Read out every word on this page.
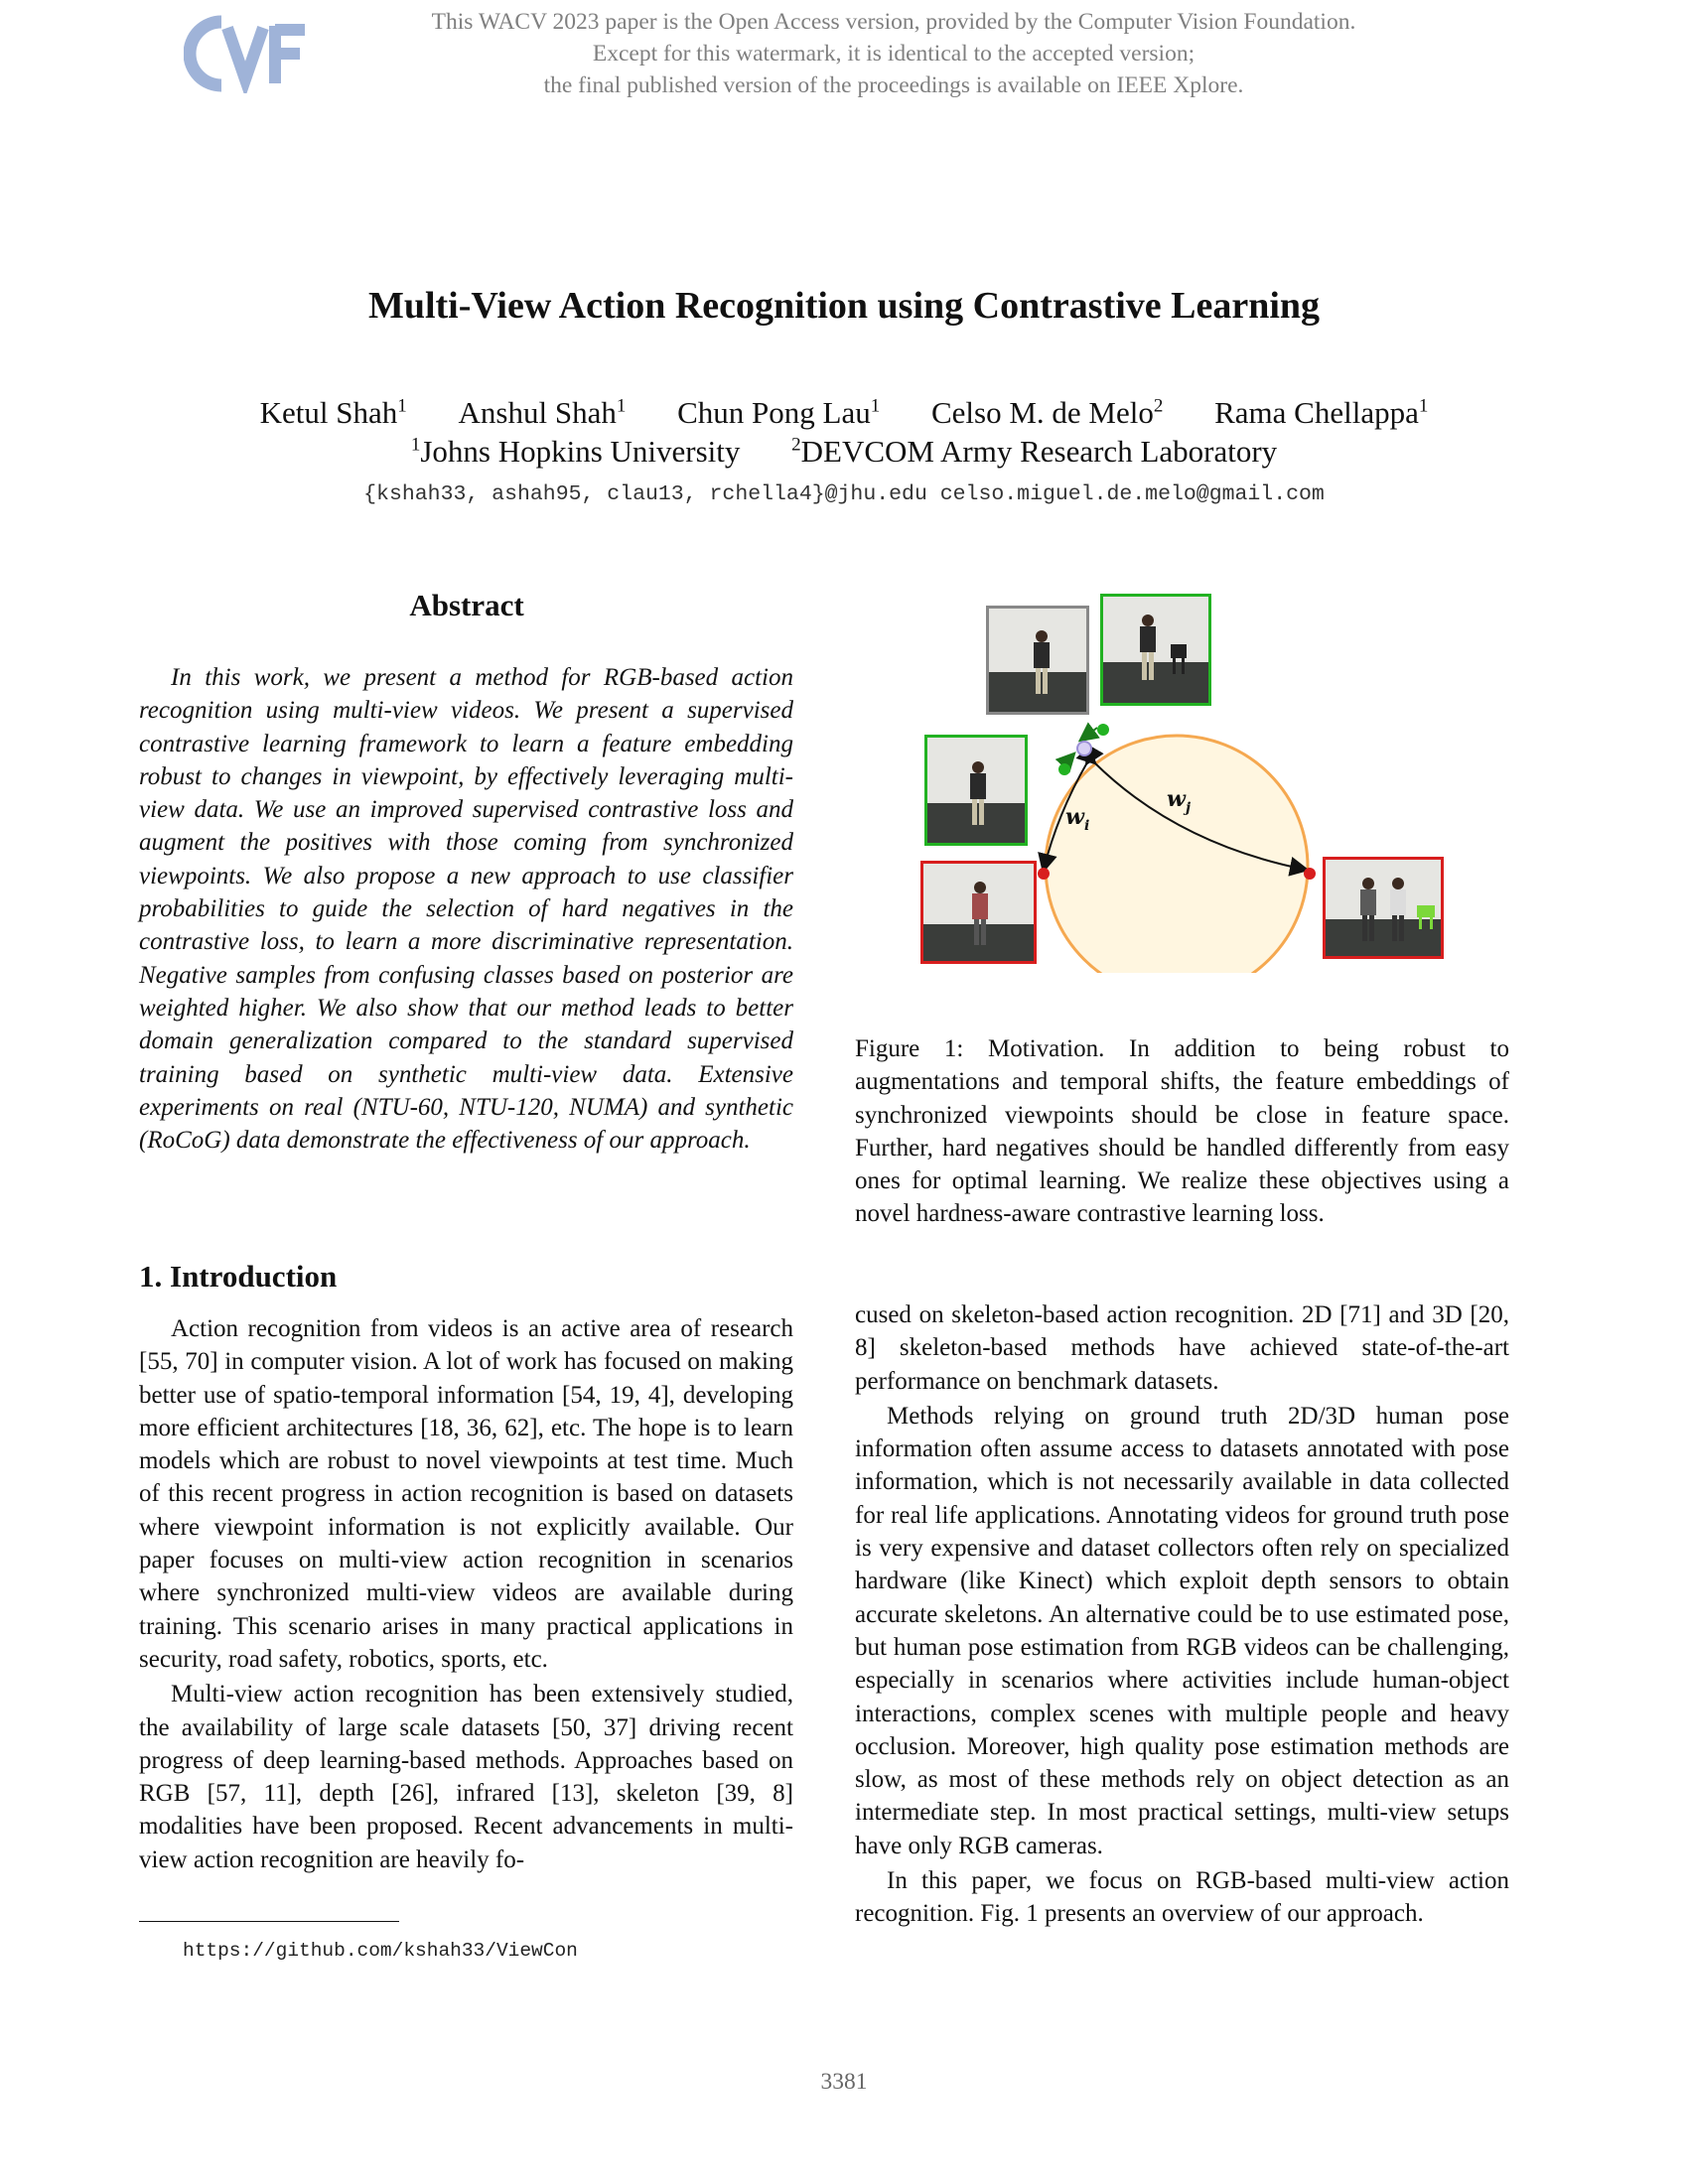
This WACV 2023 paper is the Open Access version, provided by the Computer Vision Foundation.
Except for this watermark, it is identical to the accepted version;
the final published version of the proceedings is available on IEEE Xplore.
Multi-View Action Recognition using Contrastive Learning
Ketul Shah$^1$ Anshul Shah$^1$ Chun Pong Lau$^1$ Celso M. de Melo$^2$ Rama Chellappa$^1$
$^1$Johns Hopkins University	$^2$DEVCOM Army Research Laboratory
{kshah33, ashah95, clau13, rchella4}@jhu.edu celso.miguel.de.melo@gmail.com
Abstract

In this work, we present a method for RGB-based action recognition using multi-view videos. We present a supervised contrastive learning framework to learn a feature embedding robust to changes in viewpoint, by effectively leveraging multi-view data. We use an improved supervised contrastive loss and augment the positives with those coming from synchronized viewpoints. We also propose a new approach to use classifier probabilities to guide the selection of hard negatives in the contrastive loss, to learn a more discriminative representation. Negative samples from confusing classes based on posterior are weighted higher. We also show that our method leads to better domain generalization compared to the standard supervised training based on synthetic multi-view data. Extensive experiments on real (NTU-60, NTU-120, NUMA) and synthetic (RoCoG) data demonstrate the effectiveness of our approach.

1. Introduction

Action recognition from videos is an active area of research [55, 70] in computer vision. A lot of work has focused on making better use of spatio-temporal information [54, 19, 4], developing more efficient architectures [18, 36, 62], etc. The hope is to learn models which are robust to novel viewpoints at test time. Much of this recent progress in action recognition is based on datasets where viewpoint information is not explicitly available. Our paper focuses on multi-view action recognition in scenarios where synchronized multi-view videos are available during training. This scenario arises in many practical applications in security, road safety, robotics, sports, etc.

Multi-view action recognition has been extensively studied, the availability of large scale datasets [50, 37] driving recent progress of deep learning-based methods. Approaches based on RGB [57, 11], depth [26], infrared [13], skeleton [39, 8] modalities have been proposed. Recent advancements in multi-view action recognition are heavily fo-

https://github.com/kshah33/ViewCon
$w_i$
$w_j$

Figure 1: Motivation. In addition to being robust to augmentations and temporal shifts, the feature embeddings of synchronized viewpoints should be close in feature space. Further, hard negatives should be handled differently from easy ones for optimal learning. We realize these objectives using a novel hardness-aware contrastive learning loss.

cused on skeleton-based action recognition. 2D [71] and 3D [20, 8] skeleton-based methods have achieved state-of-the-art performance on benchmark datasets.

Methods relying on ground truth 2D/3D human pose information often assume access to datasets annotated with pose information, which is not necessarily available in data collected for real life applications. Annotating videos for ground truth pose is very expensive and dataset collectors often rely on specialized hardware (like Kinect) which exploit depth sensors to obtain accurate skeletons. An alternative could be to use estimated pose, but human pose estimation from RGB videos can be challenging, especially in scenarios where activities include human-object interactions, complex scenes with multiple people and heavy occlusion. Moreover, high quality pose estimation methods are slow, as most of these methods rely on object detection as an intermediate step. In most practical settings, multi-view setups have only RGB cameras.

In this paper, we focus on RGB-based multi-view action recognition. Fig. 1 presents an overview of our approach.

3381
